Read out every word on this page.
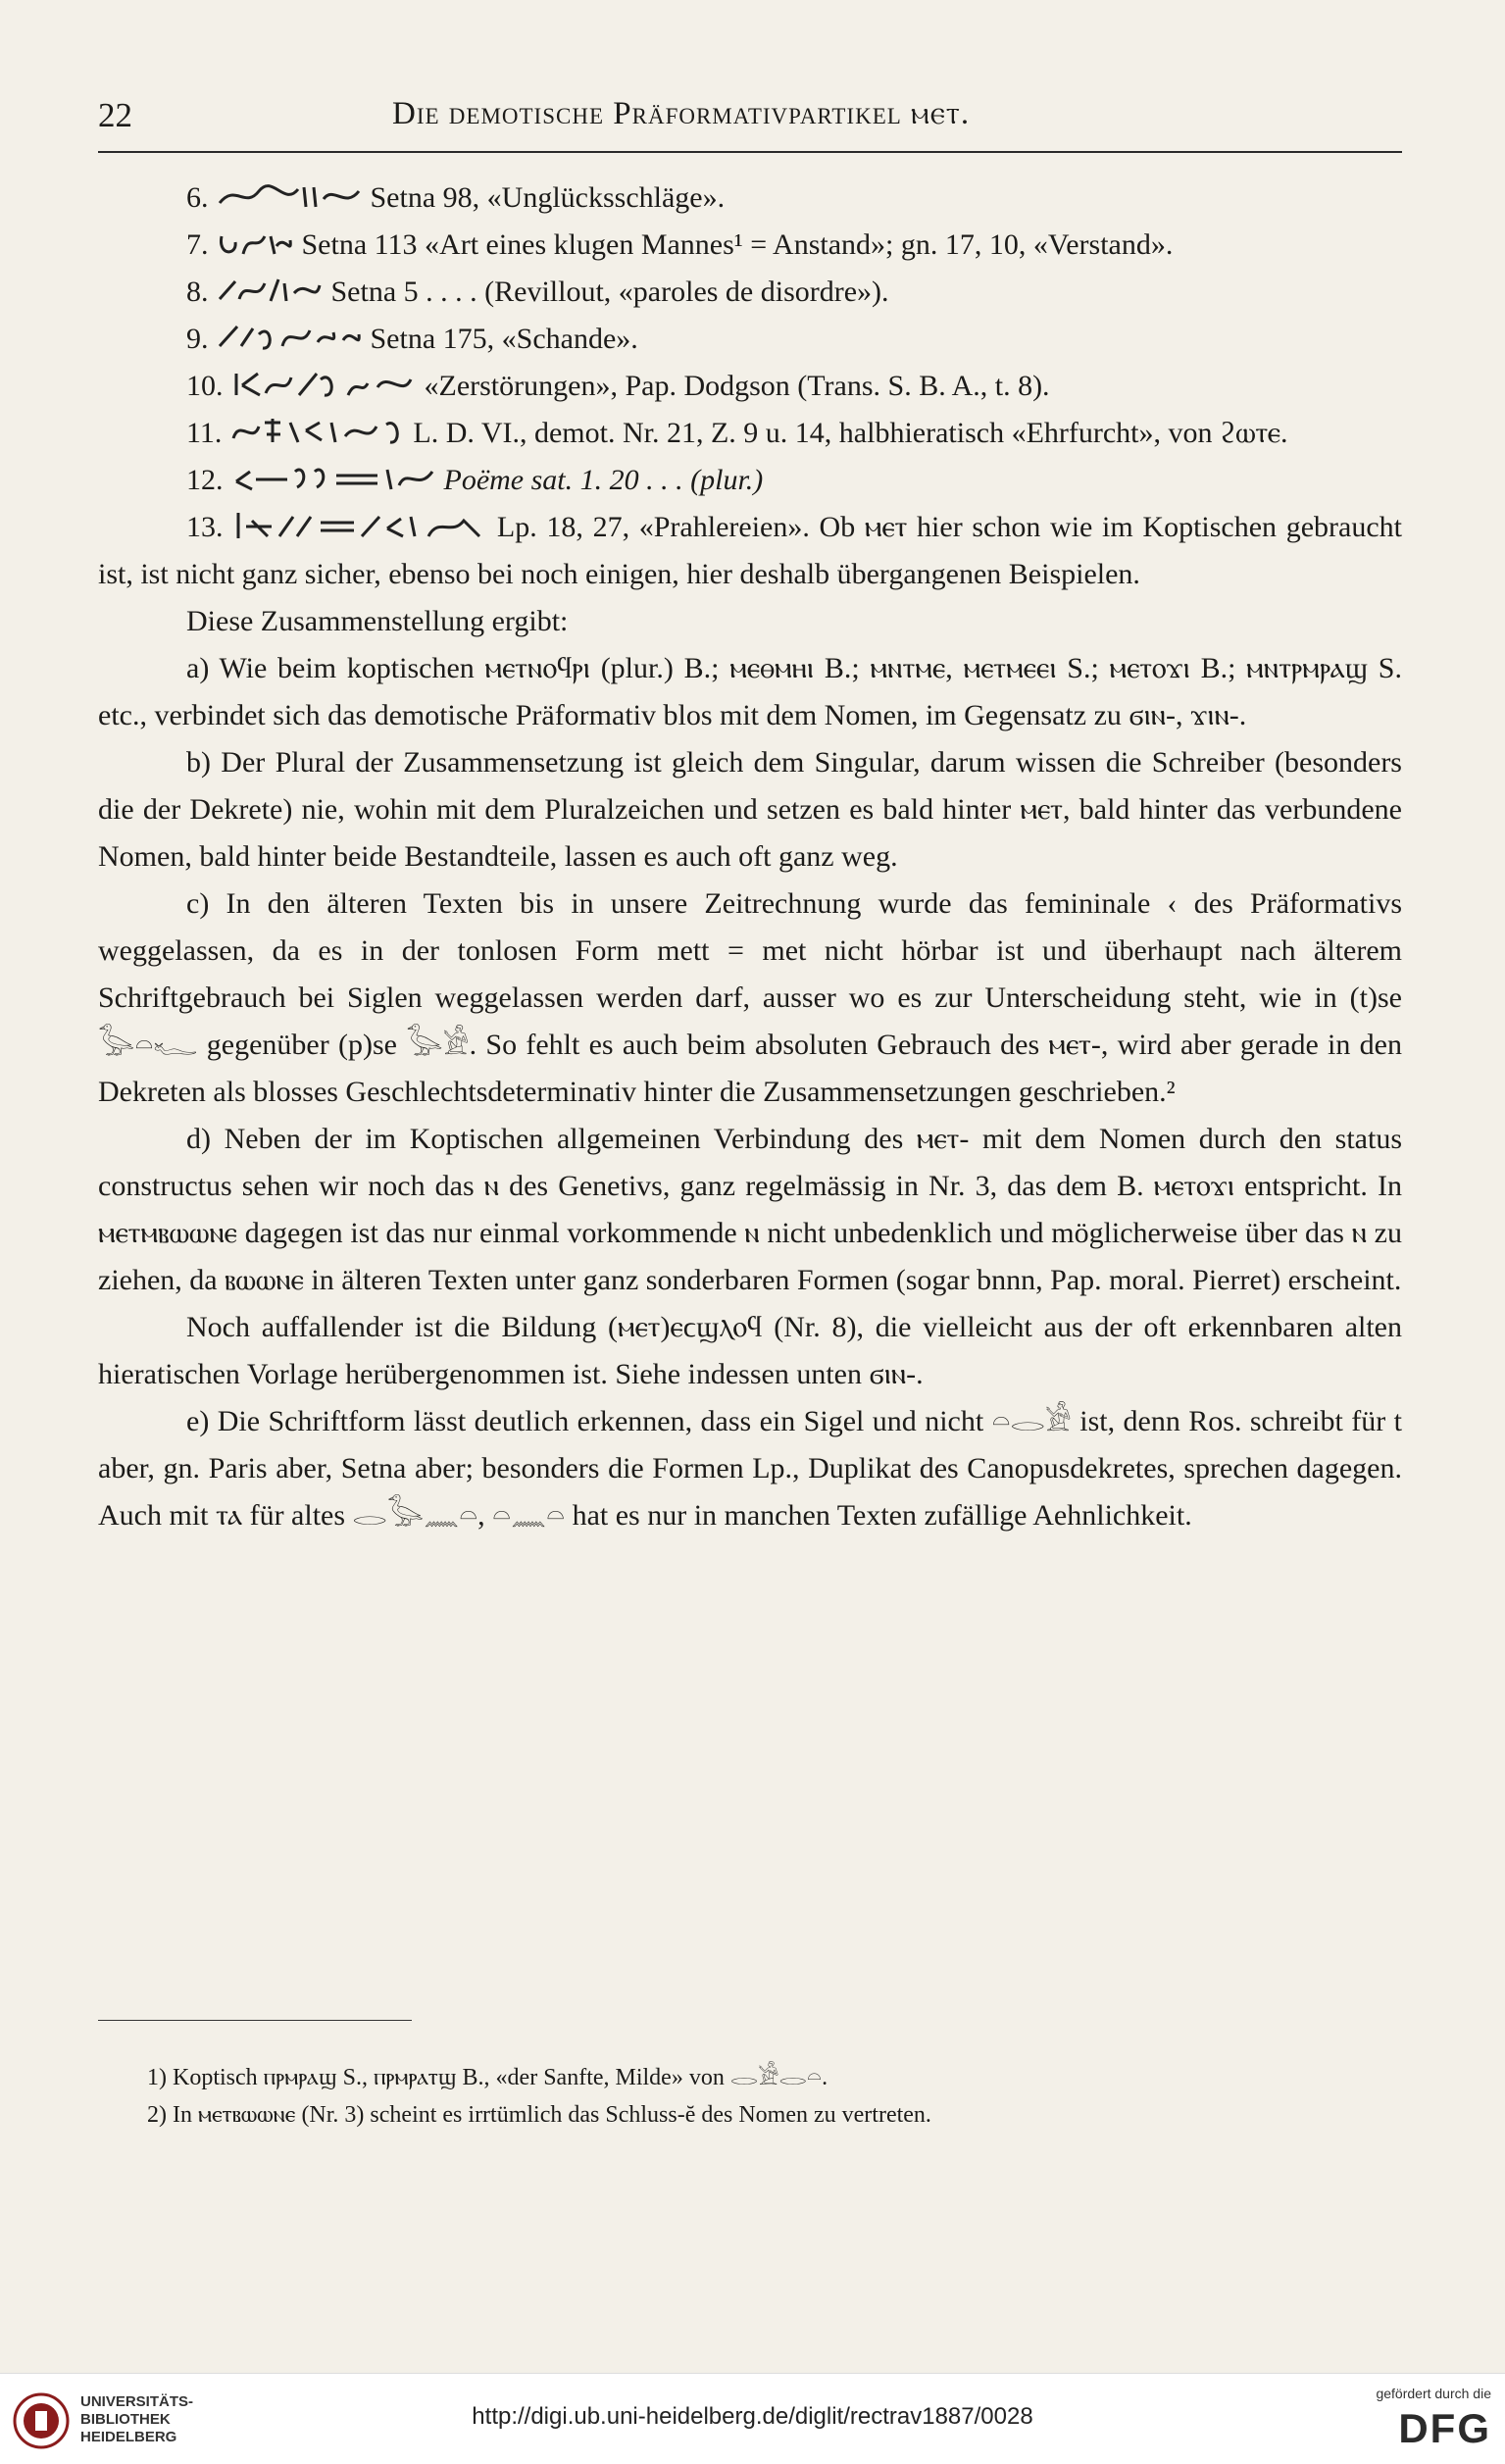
22	Die demotische Präformativpartikel ⲙⲉⲧ.

6.	Setna 98, «Unglücksschläge».

7.	Setna 113 «Art eines klugen Mannes¹ = Anstand»; gn. 17, 10, «Verstand».

8.	Setna 5 . . . . (Revillout, «paroles de disordre»).

9.	Setna 175, «Schande».

10.	«Zerstörungen», Pap. Dodgson (Trans. S. B. A., t. 8).

11.	L. D. VI., demot. Nr. 21, Z. 9 u. 14, halbhieratisch «Ehrfurcht», von ϩⲱⲧⲉ.

12.	Poëme sat. 1. 20 . . . (plur.)

13.	Lp. 18, 27, «Prahlereien». Ob ⲙⲉⲧ hier schon wie im Koptischen gebraucht ist, ist nicht ganz sicher, ebenso bei noch einigen, hier deshalb übergangenen Beispielen.

Diese Zusammenstellung ergibt:

a) Wie beim koptischen ⲙⲉⲧⲛⲟϥⲣⲓ (plur.) B.; ⲙⲉⲑⲙⲏⲓ B.; ⲙⲛⲧⲙⲉ, ⲙⲉⲧⲙⲉⲉⲓ S.; ⲙⲉⲧⲟϫⲓ B.; ⲙⲛⲧⲣⲙⲣⲁϣ S. etc., verbindet sich das demotische Präformativ blos mit dem Nomen, im Gegensatz zu ϭⲓⲛ-, ϫⲓⲛ-.

b) Der Plural der Zusammensetzung ist gleich dem Singular, darum wissen die Schreiber (besonders die der Dekrete) nie, wohin mit dem Pluralzeichen und setzen es bald hinter ⲙⲉⲧ, bald hinter das verbundene Nomen, bald hinter beide Bestandteile, lassen es auch oft ganz weg.

c) In den älteren Texten bis in unsere Zeitrechnung wurde das femininale ‹ des Präformativs weggelassen, da es in der tonlosen Form mett = met nicht hörbar ist und überhaupt nach älterem Schriftgebrauch bei Siglen weggelassen werden darf, ausser wo es zur Unterscheidung steht, wie in (t)se 𓅭𓏏𓆑 gegenüber (p)se 𓅭𓀀. So fehlt es auch beim absoluten Gebrauch des ⲙⲉⲧ-, wird aber gerade in den Dekreten als blosses Geschlechtsdeterminativ hinter die Zusammensetzungen geschrieben.²

d) Neben der im Koptischen allgemeinen Verbindung des ⲙⲉⲧ- mit dem Nomen durch den status constructus sehen wir noch das ⲛ des Genetivs, ganz regelmässig in Nr. 3, das dem B. ⲙⲉⲧⲟϫⲓ entspricht. In ⲙⲉⲧⲙⲃⲱⲱⲛⲉ dagegen ist das nur einmal vorkommende ⲛ nicht unbedenklich und möglicherweise über das ⲛ zu ziehen, da ⲃⲱⲱⲛⲉ in älteren Texten unter ganz sonderbaren Formen (sogar bnnn, Pap. moral. Pierret) erscheint.

Noch auffallender ist die Bildung (ⲙⲉⲧ)ⲉϲϣⲗⲟϥ (Nr. 8), die vielleicht aus der oft erkennbaren alten hieratischen Vorlage herübergenommen ist. Siehe indessen unten ϭⲓⲛ-.

e) Die Schriftform lässt deutlich erkennen, dass ein Sigel und nicht 𓏏𓂋𓀀 ist, denn Ros. schreibt für t aber, gn. Paris aber, Setna aber; besonders die Formen Lp., Duplikat des Canopusdekretes, sprechen dagegen. Auch mit ⲧⲁ für altes 𓂋𓅭𓈖𓏏, 𓏏𓈖𓏏 hat es nur in manchen Texten zufällige Aehnlichkeit.

1) Koptisch ⲡⲣⲙⲣⲁϣ S., ⲡⲣⲙⲣⲁⲧϣ B., «der Sanfte, Milde» von 𓂋𓀀𓂋𓏏.

2) In ⲙⲉⲧⲃⲱⲱⲛⲉ (Nr. 3) scheint es irrtümlich das Schluss-ĕ des Nomen zu vertreten.

UNIVERSITÄTS-
BIBLIOTHEK
HEIDELBERG
http://digi.ub.uni-heidelberg.de/diglit/rectrav1887/0028
gefördert durch die
DFG
